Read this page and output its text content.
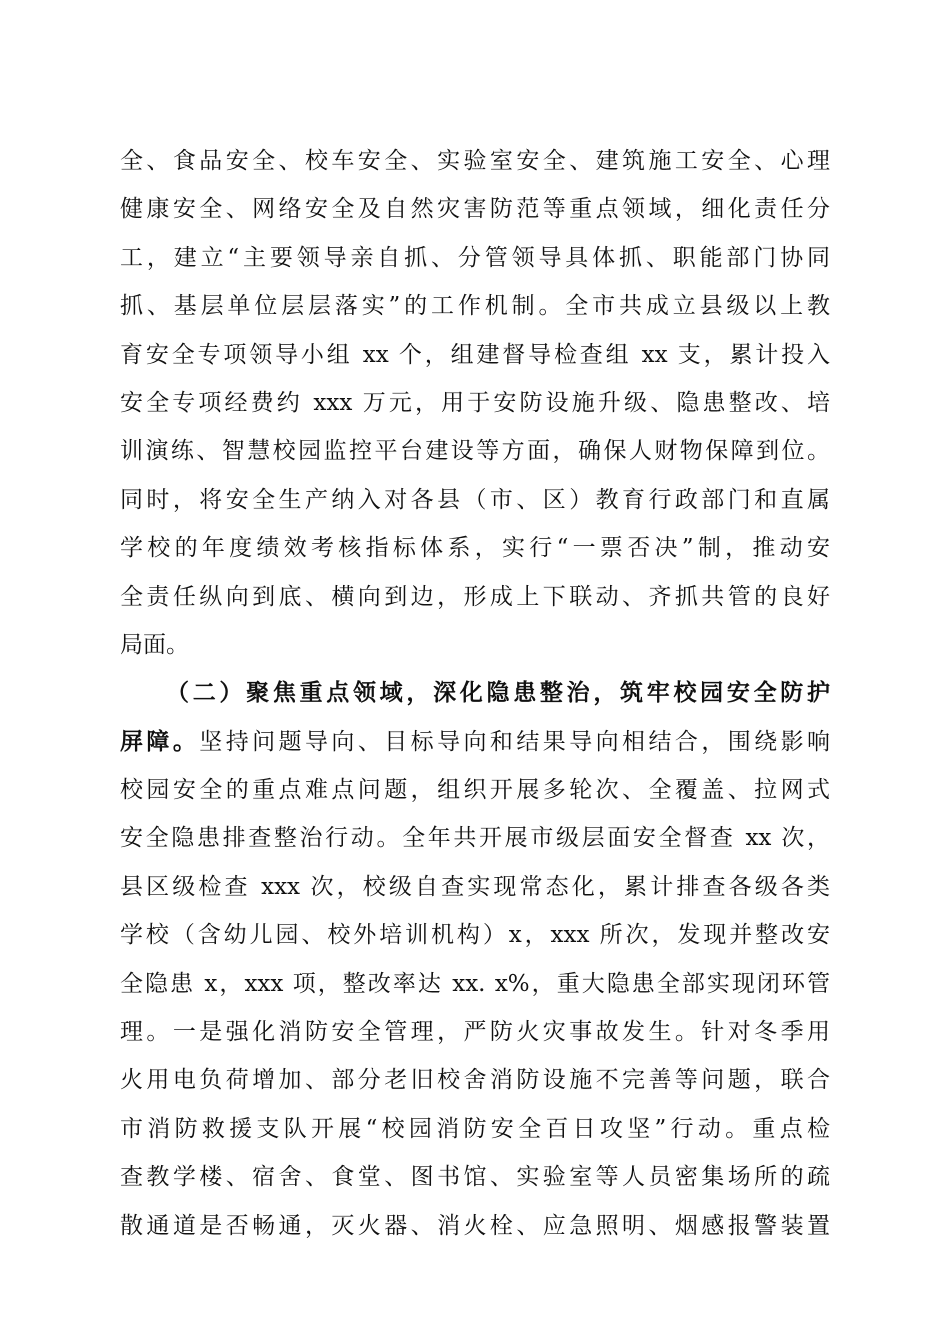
全、食品安全、校车安全、实验室安全、建筑施工安全、心理
健康安全、网络安全及自然灾害防范等重点领域，细化责任分
工，建立“主要领导亲自抓、分管领导具体抓、职能部门协同
抓、基层单位层层落实”的工作机制。全市共成立县级以上教
育安全专项领导小组 xx 个，组建督导检查组 xx 支，累计投入
安全专项经费约 xxx 万元，用于安防设施升级、隐患整改、培
训演练、智慧校园监控平台建设等方面，确保人财物保障到位。
同时，将安全生产纳入对各县（市、区）教育行政部门和直属
学校的年度绩效考核指标体系，实行“一票否决”制，推动安
全责任纵向到底、横向到边，形成上下联动、齐抓共管的良好
局面。
（二）聚焦重点领域，深化隐患整治，筑牢校园安全防护
屏障。坚持问题导向、目标导向和结果导向相结合，围绕影响
校园安全的重点难点问题，组织开展多轮次、全覆盖、拉网式
安全隐患排查整治行动。全年共开展市级层面安全督查 xx 次，
县区级检查 xxx 次，校级自查实现常态化，累计排查各级各类
学校（含幼儿园、校外培训机构）x，xxx 所次，发现并整改安
全隐患 x，xxx 项，整改率达 xx. x%，重大隐患全部实现闭环管
理。一是强化消防安全管理，严防火灾事故发生。针对冬季用
火用电负荷增加、部分老旧校舍消防设施不完善等问题，联合
市消防救援支队开展“校园消防安全百日攻坚”行动。重点检
查教学楼、宿舍、食堂、图书馆、实验室等人员密集场所的疏
散通道是否畅通，灭火器、消火栓、应急照明、烟感报警装置
